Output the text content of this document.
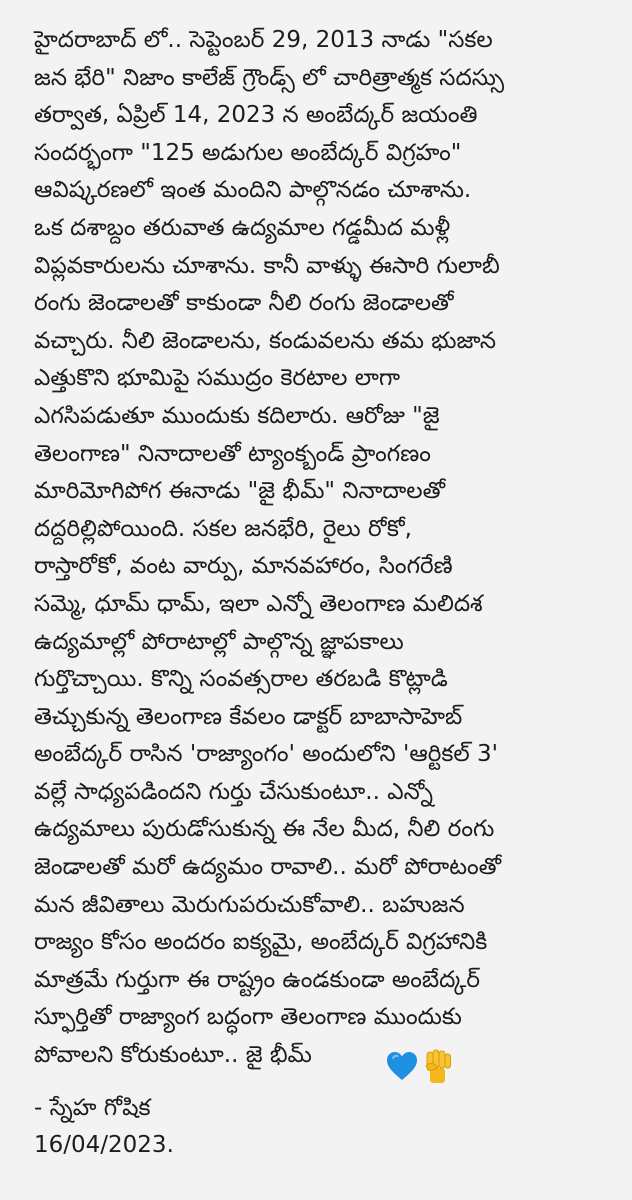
హైదరాబాద్ లో.. సెప్టెంబర్ 29, 2013 నాడు "సకల
జన భేరి" నిజాం కాలేజ్ గ్రౌండ్స్ లో చారిత్రాత్మక సదస్సు
తర్వాత, ఏప్రిల్ 14, 2023 న అంబేద్కర్ జయంతి
సందర్భంగా "125 అడుగుల అంబేద్కర్ విగ్రహం"
ఆవిష్కరణలో ఇంత మందిని పాల్గొనడం చూశాను.
ఒక దశాబ్దం తరువాత ఉద్యమాల గడ్డమీద మళ్లీ
విప్లవకారులను చూశాను. కానీ వాళ్ళు ఈసారి గులాబీ
రంగు జెండాలతో కాకుండా నీలి రంగు జెండాలతో
వచ్చారు. నీలి జెండాలను, కండువలను తమ భుజాన
ఎత్తుకొని భూమిపై సముద్రం కెరటాల లాగా
ఎగసిపడుతూ ముందుకు కదిలారు. ఆరోజు "జై
తెలంగాణ" నినాదాలతో ట్యాంక్బండ్ ప్రాంగణం
మారిమోగిపోగ ఈనాడు "జై భీమ్" నినాదాలతో
దద్దరిల్లిపోయింది. సకల జనభేరి, రైలు రోకో,
రాస్తారోకో, వంట వార్పు, మానవహారం, సింగరేణి
సమ్మె, ధూమ్ ధామ్, ఇలా ఎన్నో తెలంగాణ మలిదశ
ఉద్యమాల్లో పోరాటాల్లో పాల్గొన్న జ్ఞాపకాలు
గుర్తొచ్చాయి. కొన్ని సంవత్సరాల తరబడి కొట్లాడి
తెచ్చుకున్న తెలంగాణ కేవలం డాక్టర్ బాబాసాహెబ్
అంబేద్కర్ రాసిన 'రాజ్యాంగం' అందులోని 'ఆర్టికల్ 3'
వల్లే సాధ్యపడిందని గుర్తు చేసుకుంటూ.. ఎన్నో
ఉద్యమాలు పురుడోసుకున్న ఈ నేల మీద, నీలి రంగు
జెండాలతో మరో ఉద్యమం రావాలి.. మరో పోరాటంతో
మన జీవితాలు మెరుగుపరుచుకోవాలి.. బహుజన
రాజ్యం కోసం అందరం ఐక్యమై, అంబేద్కర్ విగ్రహానికి
మాత్రమే గుర్తుగా ఈ రాష్ట్రం ఉండకుండా అంబేద్కర్
స్ఫూర్తితో రాజ్యాంగ బద్ధంగా తెలంగాణ ముందుకు
పోవాలని కోరుకుంటూ.. జై భీమ్

- స్నేహ గోషిక
16/04/2023.
